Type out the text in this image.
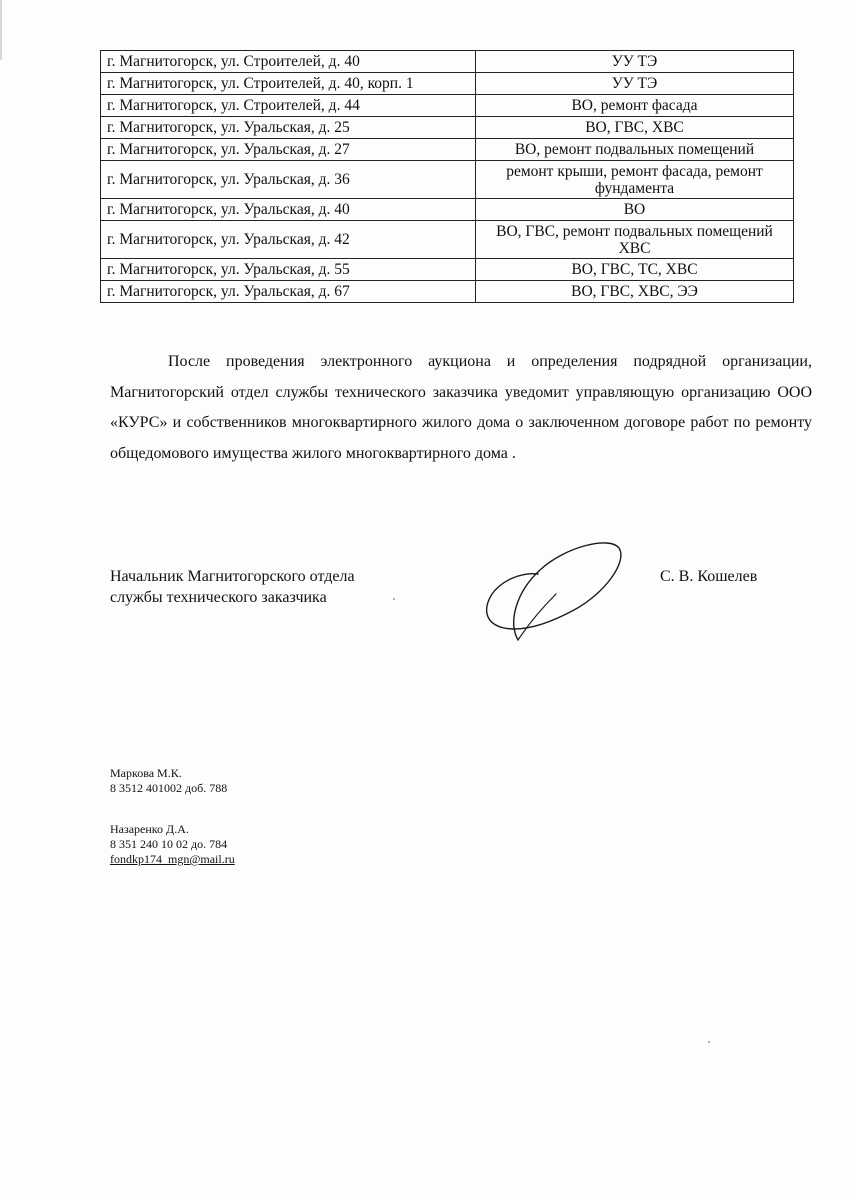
г. Магнитогорск, ул. Строителей, д. 40	УУ ТЭ
г. Магнитогорск, ул. Строителей, д. 40, корп. 1	УУ ТЭ
г. Магнитогорск, ул. Строителей, д. 44	ВО, ремонт фасада
г. Магнитогорск, ул. Уральская, д. 25	ВО, ГВС, ХВС
г. Магнитогорск, ул. Уральская, д. 27	ВО, ремонт подвальных помещений
г. Магнитогорск, ул. Уральская, д. 36	ремонт крыши, ремонт фасада, ремонт фундамента
г. Магнитогорск, ул. Уральская, д. 40	ВО
г. Магнитогорск, ул. Уральская, д. 42	ВО, ГВС, ремонт подвальных помещений ХВС
г. Магнитогорск, ул. Уральская, д. 55	ВО, ГВС, ТС, ХВС
г. Магнитогорск, ул. Уральская, д. 67	ВО, ГВС, ХВС, ЭЭ
После проведения электронного аукциона и определения подрядной организации, Магнитогорский отдел службы технического заказчика уведомит управляющую организацию ООО «КУРС» и собственников многоквартирного жилого дома о заключенном договоре работ по ремонту общедомового имущества жилого многоквартирного дома .
Начальник Магнитогорского отдела
службы технического заказчика
С. В. Кошелев
Маркова М.К.
8 3512 401002 доб. 788
Назаренко Д.А.
8 351 240 10 02 до. 784
fondkp174_mgn@mail.ru
